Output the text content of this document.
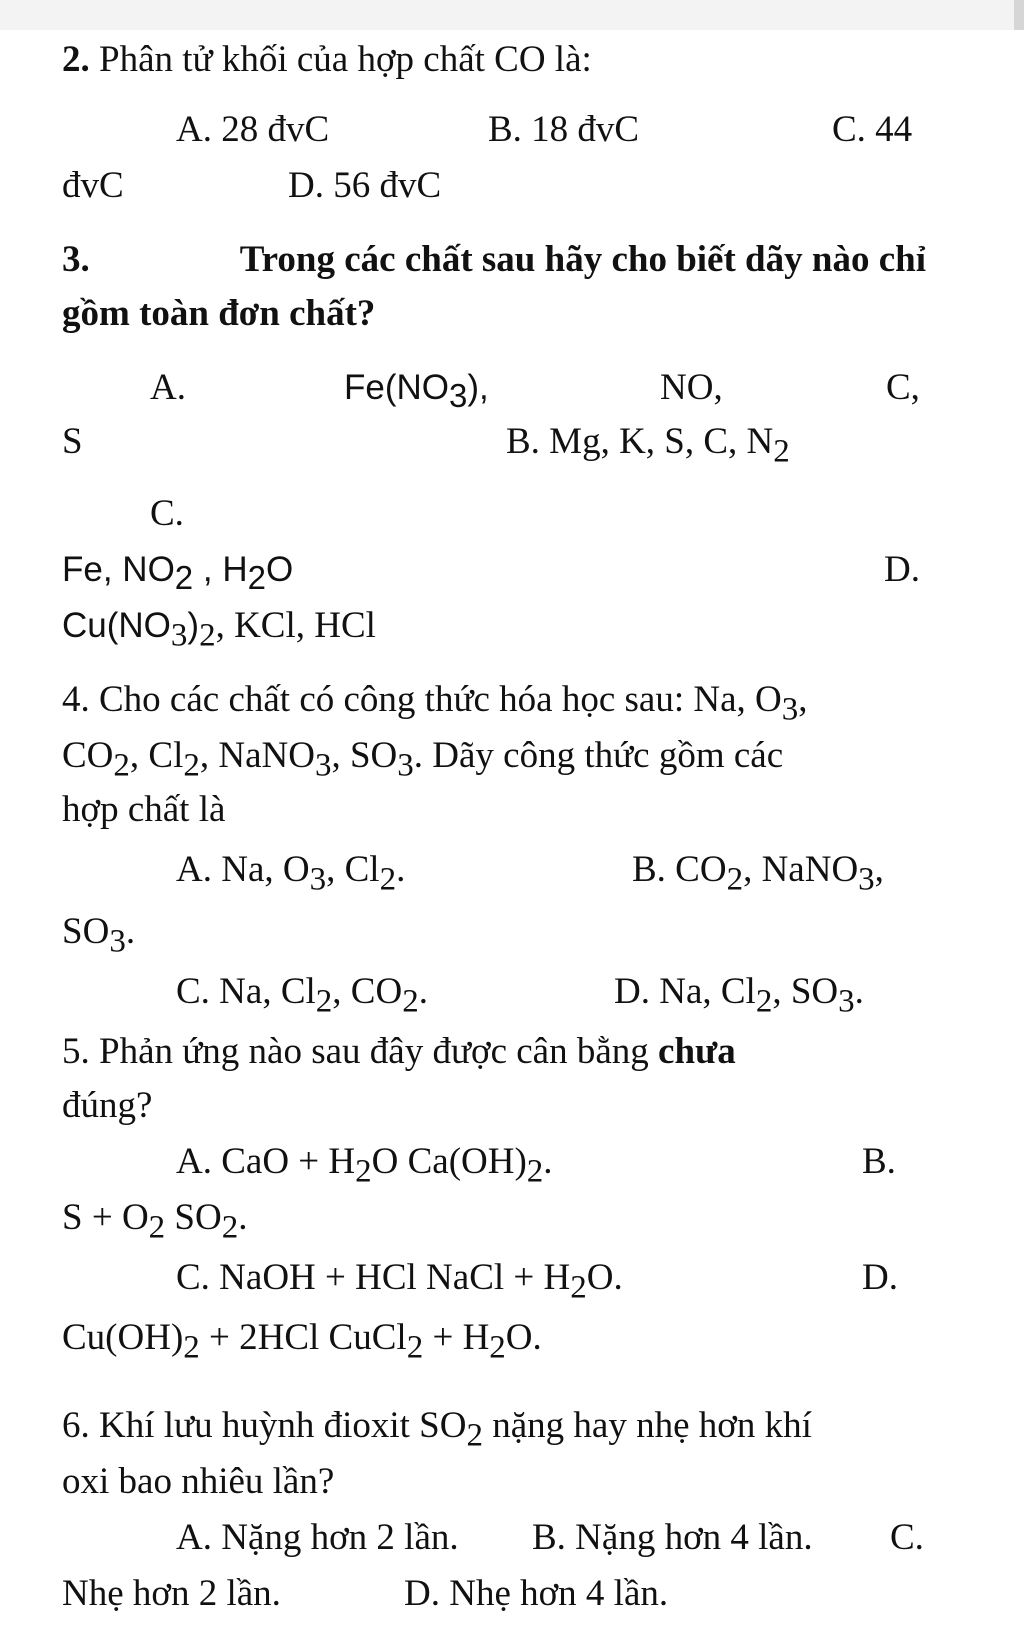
2. Phân tử khối của hợp chất CO là:
A. 28 đvC	B. 18 đvC	C. 44
đvC	D. 56 đvC
3.	Trong các chất sau hãy cho biết dãy nào chỉ
gồm toàn đơn chất?
A.	$Fe(NO_3)$,	NO,	C,
S	B. Mg, K, S, C, $N_2$
C.
Fe, $NO_2$ , $H_2O$	D.
$Cu(NO_3)_2$, KCl, HCl
4. Cho các chất có công thức hóa học sau: Na, $O_3$,
$CO_2$, $Cl_2$, NaNO$_3$, $SO_3$. Dãy công thức gồm các
hợp chất là
A. Na, $O_3$, $Cl_2$.	B. $CO_2$, NaNO$_3$,
$SO_3$.
C. Na, $Cl_2$, $CO_2$.	D. Na, $Cl_2$, $SO_3$.
5. Phản ứng nào sau đây được cân bằng chưa
đúng?
A. CaO + $H_2O$ $Ca(OH)_2$.	B.
$S + O_2$ $SO_2$.
C. NaOH + HCl NaCl + $H_2O$.	D.
$Cu(OH)_2 + 2HCl$ CuCl$_2$ + $H_2O$.
6. Khí lưu huỳnh đioxit $SO_2$ nặng hay nhẹ hơn khí
oxi bao nhiêu lần?
A. Nặng hơn 2 lần. B. Nặng hơn 4 lần. C.
Nhẹ hơn 2 lần.	D. Nhẹ hơn 4 lần.
